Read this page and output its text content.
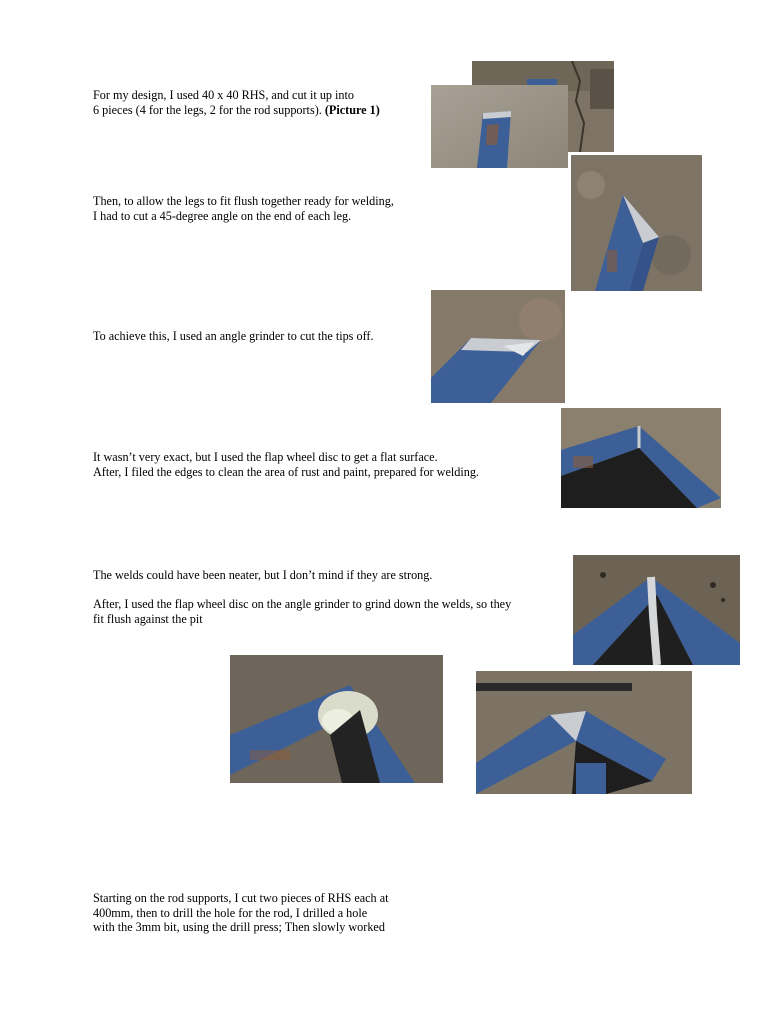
For my design, I used 40 x 40 RHS, and cut it up into
6 pieces (4 for the legs, 2 for the rod supports). (Picture 1)
Then, to allow the legs to fit flush together ready for welding,
I had to cut a 45-degree angle on the end of each leg.
To achieve this, I used an angle grinder to cut the tips off.
It wasn’t very exact, but I used the flap wheel disc to get a flat surface.
After, I filed the edges to clean the area of rust and paint, prepared for welding.
The welds could have been neater, but I don’t mind if they are strong.
After, I used the flap wheel disc on the angle grinder to grind down the welds, so they
fit flush against the pit
Starting on the rod supports, I cut two pieces of RHS each at
400mm, then to drill the hole for the rod, I drilled a hole
with the 3mm bit, using the drill press; Then slowly worked
